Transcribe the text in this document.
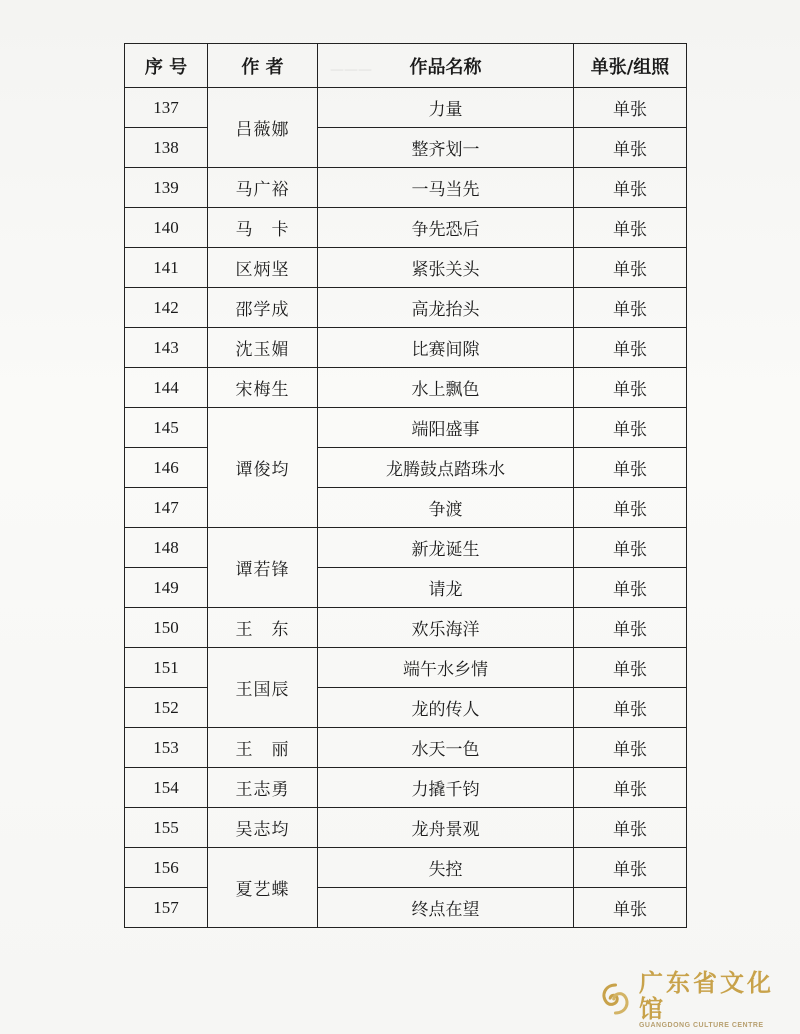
序 号	作 者	作品名称	单张/组照
137	吕薇娜	力量	单张
138		整齐划一	单张
139	马广裕	一马当先	单张
140	马　卡	争先恐后	单张
141	区炳坚	紧张关头	单张
142	邵学成	高龙抬头	单张
143	沈玉媚	比赛间隙	单张
144	宋梅生	水上飘色	单张
145	谭俊均	端阳盛事	单张
146		龙腾鼓点踏珠水	单张
147		争渡	单张
148	谭若锋	新龙诞生	单张
149		请龙	单张
150	王　东	欢乐海洋	单张
151	王国辰	端午水乡情	单张
152		龙的传人	单张
153	王　丽	水天一色	单张
154	王志勇	力撬千钧	单张
155	吴志均	龙舟景观	单张
156	夏艺蝶	失控	单张
157		终点在望	单张
广东省文化馆
GUANGDONG CULTURE CENTRE
